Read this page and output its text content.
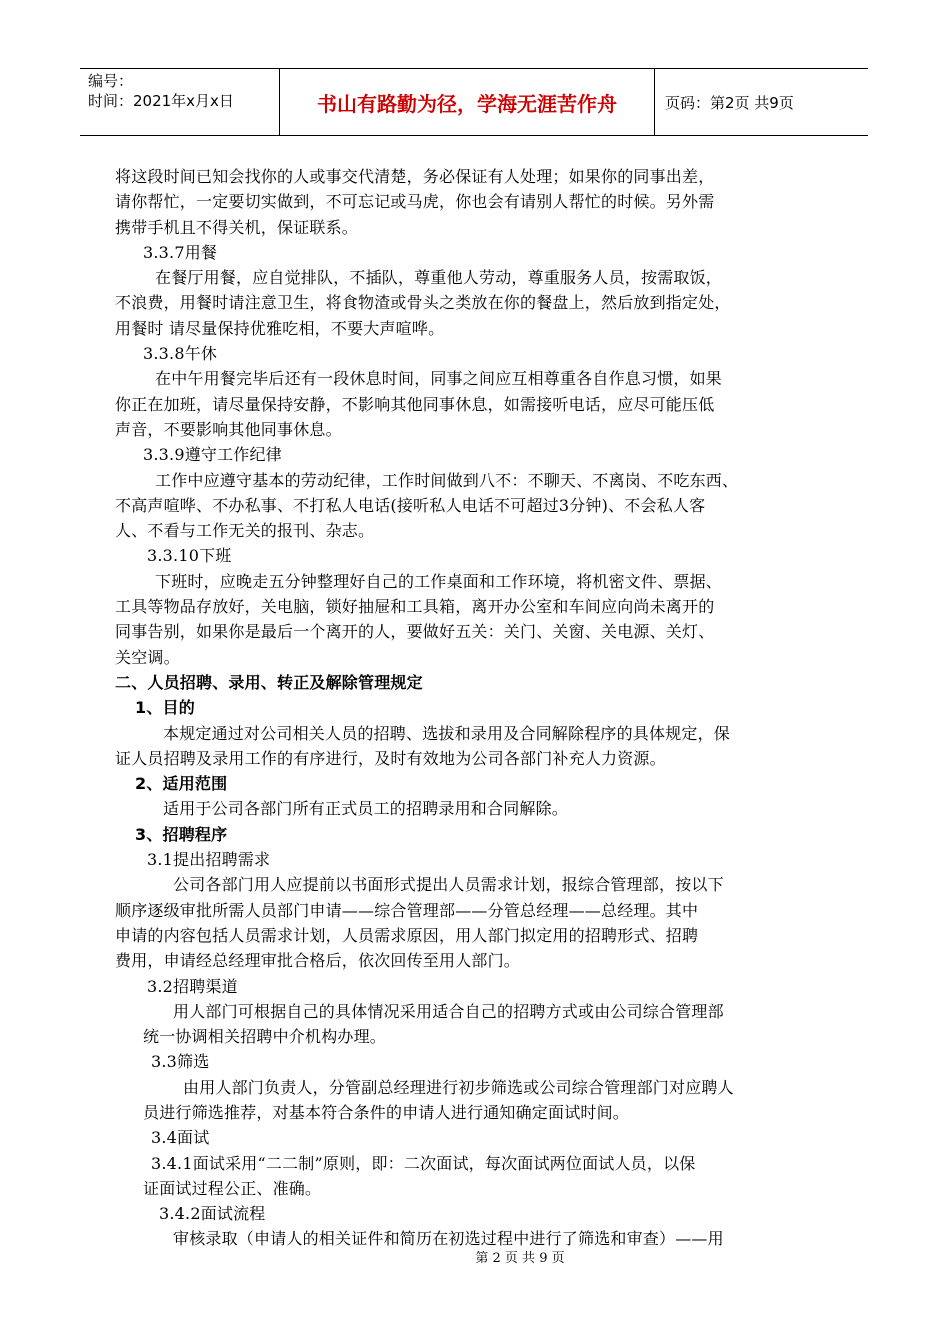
编号：
时间：2021年x月x日	书山有路勤为径，学海无涯苦作舟	页码：第2页 共9页
将这段时间已知会找你的人或事交代清楚，务必保证有人处理；如果你的同事出差，
请你帮忙，一定要切实做到，不可忘记或马虎，你也会有请别人帮忙的时候。另外需
携带手机且不得关机，保证联系。
3.3.7用餐
在餐厅用餐，应自觉排队，不插队，尊重他人劳动，尊重服务人员，按需取饭，
不浪费，用餐时请注意卫生，将食物渣或骨头之类放在你的餐盘上，然后放到指定处，
用餐时 请尽量保持优雅吃相，不要大声喧哗。
3.3.8午休
在中午用餐完毕后还有一段休息时间，同事之间应互相尊重各自作息习惯，如果
你正在加班，请尽量保持安静，不影响其他同事休息，如需接听电话，应尽可能压低
声音，不要影响其他同事休息。
3.3.9遵守工作纪律
工作中应遵守基本的劳动纪律，工作时间做到八不：不聊天、不离岗、不吃东西、
不高声喧哗、不办私事、不打私人电话(接听私人电话不可超过3分钟)、不会私人客
人、不看与工作无关的报刊、杂志。
3.3.10下班
下班时，应晚走五分钟整理好自己的工作桌面和工作环境，将机密文件、票据、
工具等物品存放好，关电脑，锁好抽屉和工具箱，离开办公室和车间应向尚未离开的
同事告别，如果你是最后一个离开的人，要做好五关：关门、关窗、关电源、关灯、
关空调。
二、人员招聘、录用、转正及解除管理规定
1、目的
本规定通过对公司相关人员的招聘、选拔和录用及合同解除程序的具体规定，保
证人员招聘及录用工作的有序进行，及时有效地为公司各部门补充人力资源。
2、适用范围
适用于公司各部门所有正式员工的招聘录用和合同解除。
3、招聘程序
3.1提出招聘需求
公司各部门用人应提前以书面形式提出人员需求计划，报综合管理部，按以下
顺序逐级审批所需人员部门申请——综合管理部——分管总经理——总经理。其中
申请的内容包括人员需求计划，人员需求原因，用人部门拟定用的招聘形式、招聘
费用，申请经总经理审批合格后，依次回传至用人部门。
3.2招聘渠道
用人部门可根据自己的具体情况采用适合自己的招聘方式或由公司综合管理部
统一协调相关招聘中介机构办理。
3.3筛选
由用人部门负责人，分管副总经理进行初步筛选或公司综合管理部门对应聘人
员进行筛选推荐，对基本符合条件的申请人进行通知确定面试时间。
3.4面试
3.4.1面试采用“二二制”原则，即：二次面试，每次面试两位面试人员，以保
证面试过程公正、准确。
3.4.2面试流程
审核录取（申请人的相关证件和简历在初选过程中进行了筛选和审查）——用
第 2 页 共 9 页
